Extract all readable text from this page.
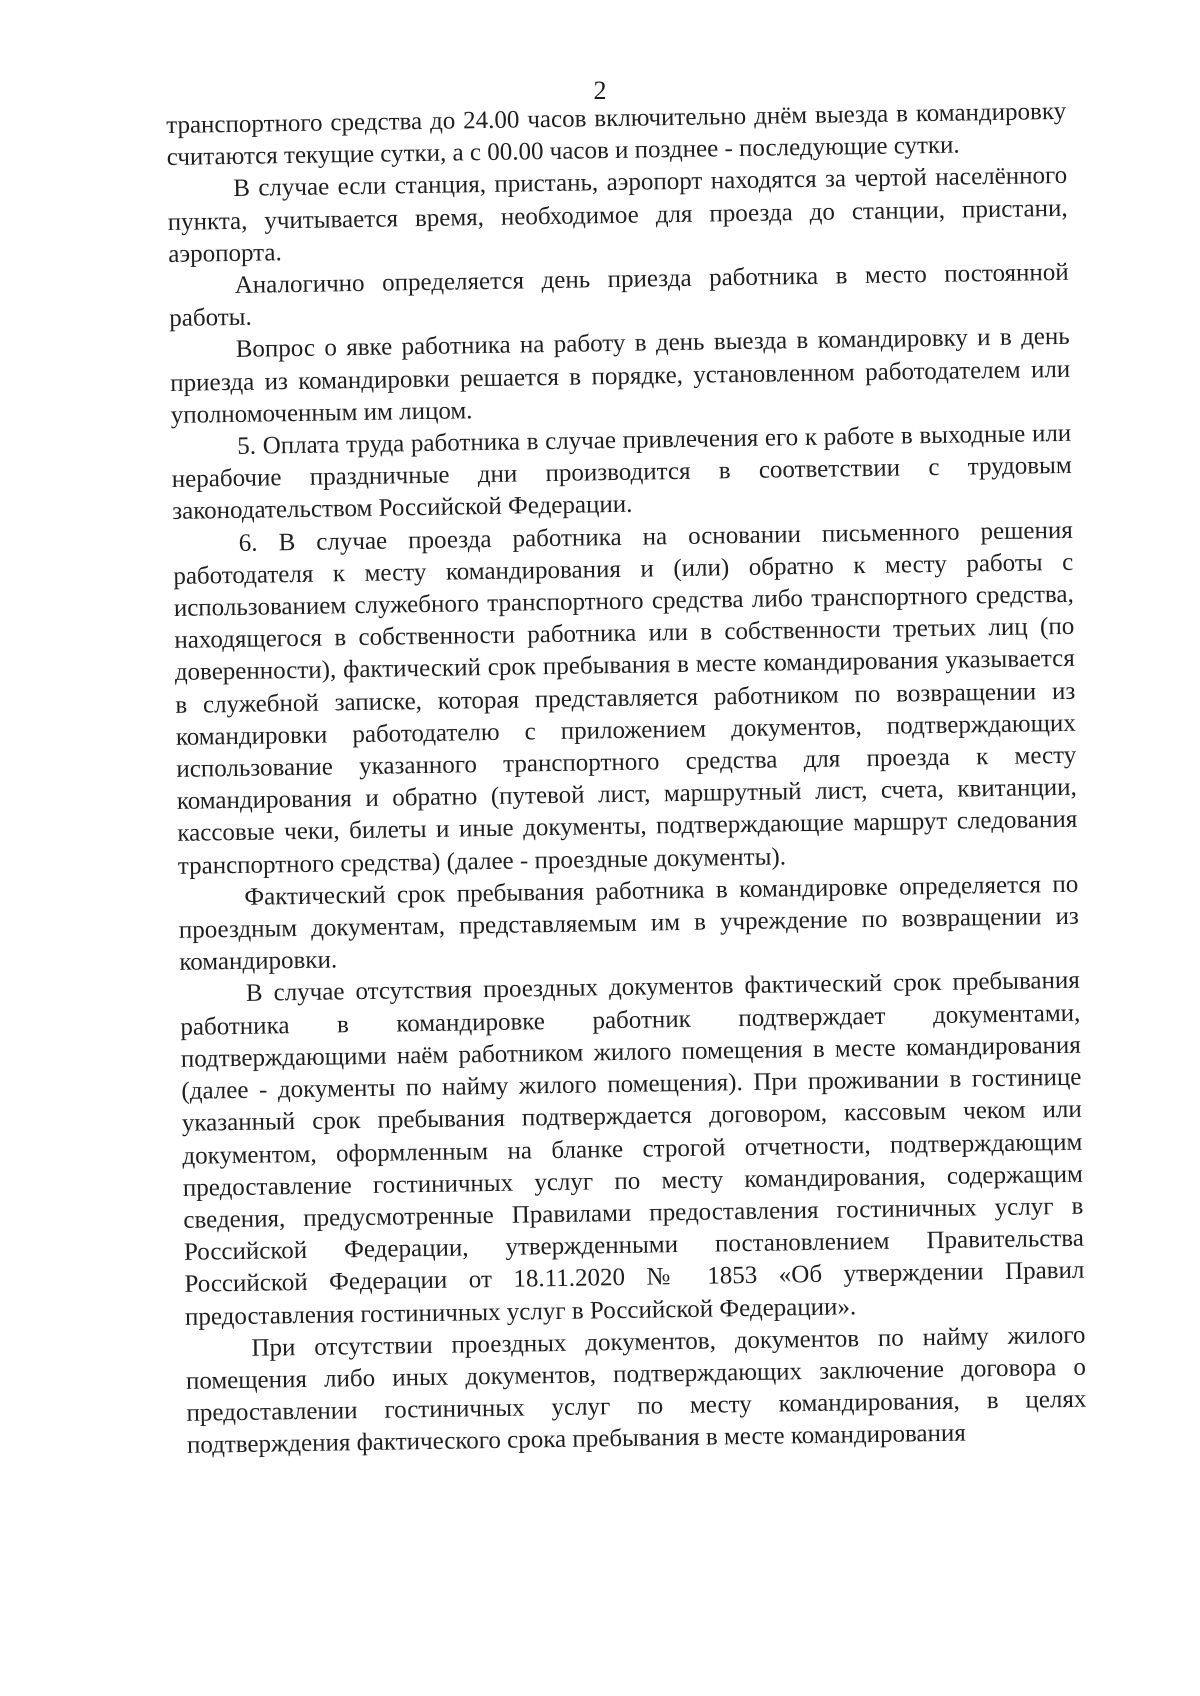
2

транспортного средства до 24.00 часов включительно днём выезда в командировку считаются текущие сутки, а с 00.00 часов и позднее - последующие сутки.

В случае если станция, пристань, аэропорт находятся за чертой населённого пункта, учитывается время, необходимое для проезда до станции, пристани, аэропорта.

Аналогично определяется день приезда работника в место постоянной работы.

Вопрос о явке работника на работу в день выезда в командировку и в день приезда из командировки решается в порядке, установленном работодателем или уполномоченным им лицом.

5. Оплата труда работника в случае привлечения его к работе в выходные или нерабочие праздничные дни производится в соответствии с трудовым законодательством Российской Федерации.

6. В случае проезда работника на основании письменного решения работодателя к месту командирования и (или) обратно к месту работы с использованием служебного транспортного средства либо транспортного средства, находящегося в собственности работника или в собственности третьих лиц (по доверенности), фактический срок пребывания в месте командирования указывается в служебной записке, которая представляется работником по возвращении из командировки работодателю с приложением документов, подтверждающих использование указанного транспортного средства для проезда к месту командирования и обратно (путевой лист, маршрутный лист, счета, квитанции, кассовые чеки, билеты и иные документы, подтверждающие маршрут следования транспортного средства) (далее - проездные документы).

Фактический срок пребывания работника в командировке определяется по проездным документам, представляемым им в учреждение по возвращении из командировки.

В случае отсутствия проездных документов фактический срок пребывания работника в командировке работник подтверждает документами, подтверждающими наём работником жилого помещения в месте командирования (далее - документы по найму жилого помещения). При проживании в гостинице указанный срок пребывания подтверждается договором, кассовым чеком или документом, оформленным на бланке строгой отчетности, подтверждающим предоставление гостиничных услуг по месту командирования, содержащим сведения, предусмотренные Правилами предоставления гостиничных услуг в Российской Федерации, утвержденными постановлением Правительства Российской Федерации от 18.11.2020 № 1853 «Об утверждении Правил предоставления гостиничных услуг в Российской Федерации».

При отсутствии проездных документов, документов по найму жилого помещения либо иных документов, подтверждающих заключение договора о предоставлении гостиничных услуг по месту командирования, в целях подтверждения фактического срока пребывания в месте командирования
